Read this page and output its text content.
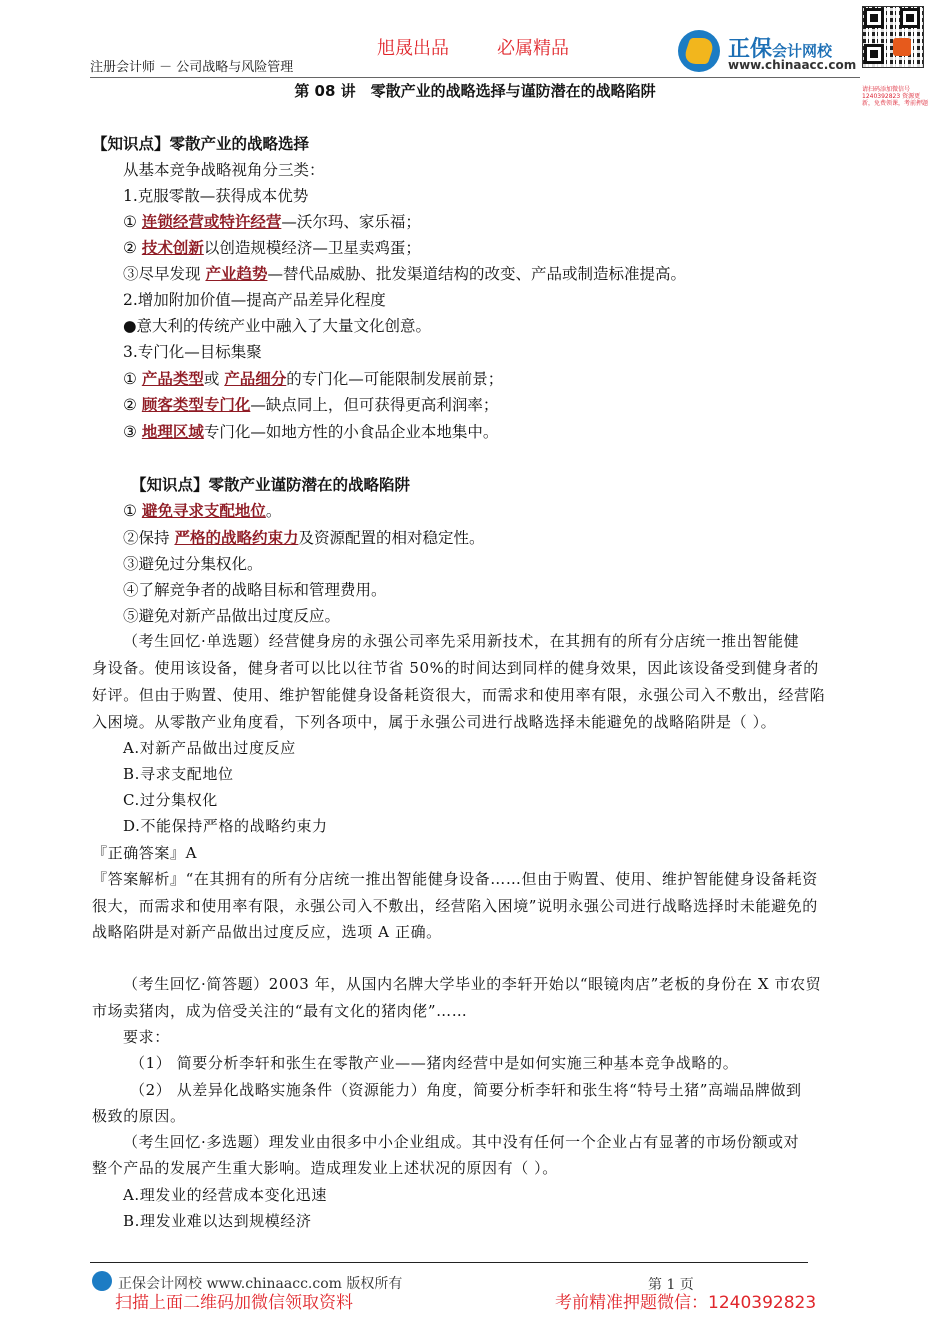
旭晟出品	必属精品
注册会计师 － 公司战略与风险管理
正保会计网校
www.chinaacc.com
请扫码添加微信号 1240392823 资源更新，免费领课，考前押题
第 08 讲　零散产业的战略选择与谨防潜在的战略陷阱
【知识点】零散产业的战略选择
从基本竞争战略视角分三类：
1.克服零散—获得成本优势
① 连锁经营或特许经营—沃尔玛、家乐福；
② 技术创新以创造规模经济—卫星卖鸡蛋；
③尽早发现 产业趋势—替代品威胁、批发渠道结构的改变、产品或制造标准提高。
2.增加附加价值—提高产品差异化程度
●意大利的传统产业中融入了大量文化创意。
3.专门化—目标集聚
① 产品类型或 产品细分的专门化—可能限制发展前景；
② 顾客类型专门化—缺点同上，但可获得更高利润率；
③ 地理区域专门化—如地方性的小食品企业本地集中。
【知识点】零散产业谨防潜在的战略陷阱
① 避免寻求支配地位。
②保持 严格的战略约束力及资源配置的相对稳定性。
③避免过分集权化。
④了解竞争者的战略目标和管理费用。
⑤避免对新产品做出过度反应。
（考生回忆·单选题）经营健身房的永强公司率先采用新技术，在其拥有的所有分店统一推出智能健
身设备。使用该设备，健身者可以比以往节省 50%的时间达到同样的健身效果，因此该设备受到健身者的
好评。但由于购置、使用、维护智能健身设备耗资很大，而需求和使用率有限，永强公司入不敷出，经营陷
入困境。从零散产业角度看，下列各项中，属于永强公司进行战略选择未能避免的战略陷阱是（ ）。
A.对新产品做出过度反应
B.寻求支配地位
C.过分集权化
D.不能保持严格的战略约束力
『正确答案』A
『答案解析』“在其拥有的所有分店统一推出智能健身设备……但由于购置、使用、维护智能健身设备耗资
很大，而需求和使用率有限，永强公司入不敷出，经营陷入困境”说明永强公司进行战略选择时未能避免的
战略陷阱是对新产品做出过度反应，选项 A 正确。
（考生回忆·简答题）2003 年，从国内名牌大学毕业的李轩开始以“眼镜肉店”老板的身份在 X 市农贸
市场卖猪肉，成为倍受关注的“最有文化的猪肉佬”……
要求：
（1） 简要分析李轩和张生在零散产业——猪肉经营中是如何实施三种基本竞争战略的。
（2） 从差异化战略实施条件（资源能力）角度，简要分析李轩和张生将“特号土猪”高端品牌做到
极致的原因。
（考生回忆·多选题）理发业由很多中小企业组成。其中没有任何一个企业占有显著的市场份额或对
整个产品的发展产生重大影响。造成理发业上述状况的原因有（ ）。
A.理发业的经营成本变化迅速
B.理发业难以达到规模经济
正保会计网校 www.chinaacc.com 版权所有	第 1 页
扫描上面二维码加微信领取资料	考前精准押题微信：1240392823
